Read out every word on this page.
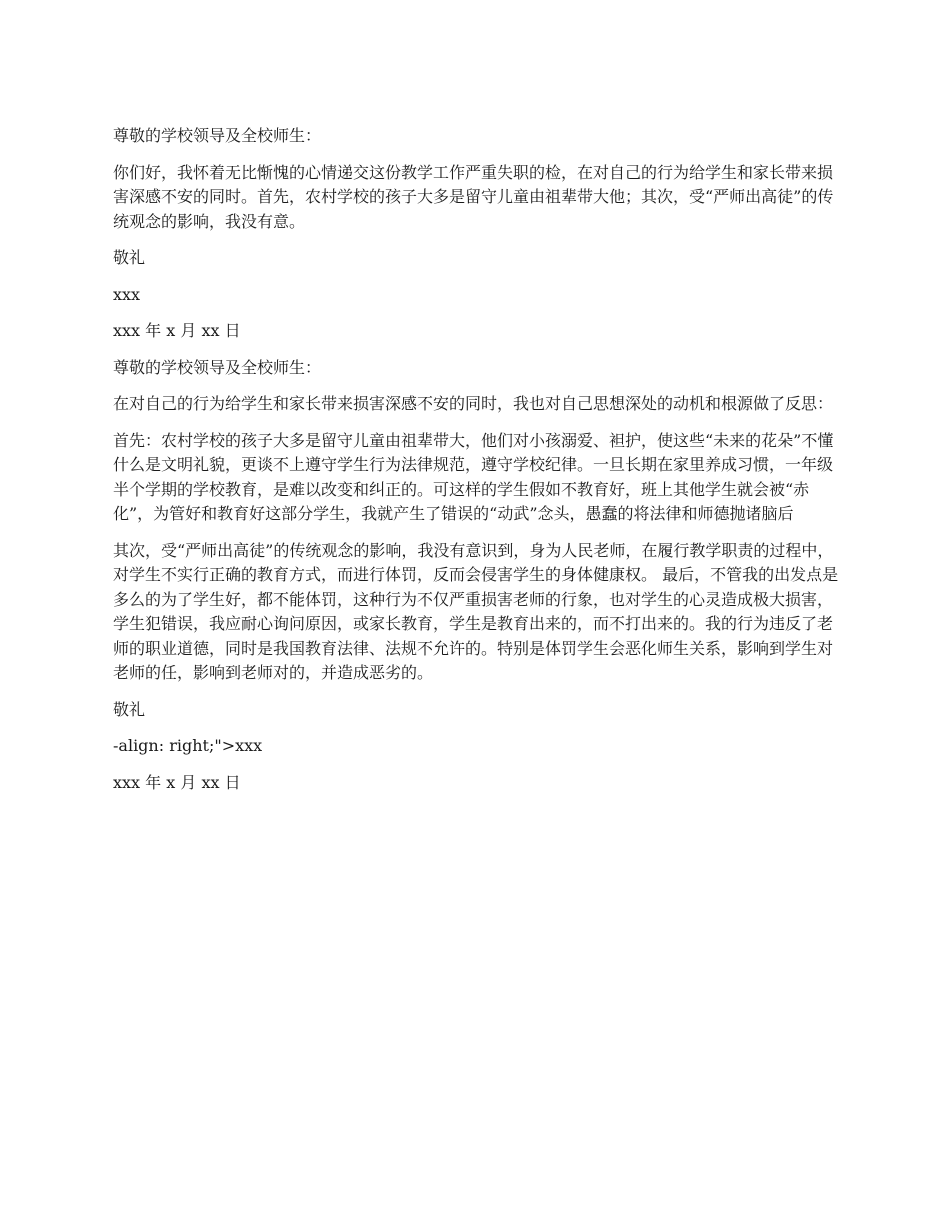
尊敬的学校领导及全校师生：

你们好，我怀着无比惭愧的心情递交这份教学工作严重失职的检，在对自己的行为给学生和家长带来损害深感不安的同时。首先，农村学校的孩子大多是留守儿童由祖辈带大他；其次，受“严师出高徒”的传统观念的影响，我没有意。

敬礼

xxx

xxx 年 x 月 xx 日

尊敬的学校领导及全校师生：

在对自己的行为给学生和家长带来损害深感不安的同时，我也对自己思想深处的动机和根源做了反思：

首先：农村学校的孩子大多是留守儿童由祖辈带大，他们对小孩溺爱、袒护，使这些“未来的花朵”不懂什么是文明礼貌，更谈不上遵守学生行为法律规范，遵守学校纪律。一旦长期在家里养成习惯，一年级半个学期的学校教育，是难以改变和纠正的。可这样的学生假如不教育好，班上其他学生就会被“赤化”，为管好和教育好这部分学生，我就产生了错误的“动武”念头，愚蠢的将法律和师德抛诸脑后

其次，受“严师出高徒”的传统观念的影响，我没有意识到，身为人民老师，在履行教学职责的过程中，对学生不实行正确的教育方式，而进行体罚，反而会侵害学生的身体健康权。 最后，不管我的出发点是多么的为了学生好，都不能体罚，这种行为不仅严重损害老师的行象，也对学生的心灵造成极大损害，学生犯错误，我应耐心询问原因，或家长教育，学生是教育出来的，而不打出来的。我的行为违反了老师的职业道德，同时是我国教育法律、法规不允许的。特别是体罚学生会恶化师生关系，影响到学生对老师的任，影响到老师对的，并造成恶劣的。

敬礼

-align: right;">xxx

xxx 年 x 月 xx 日
